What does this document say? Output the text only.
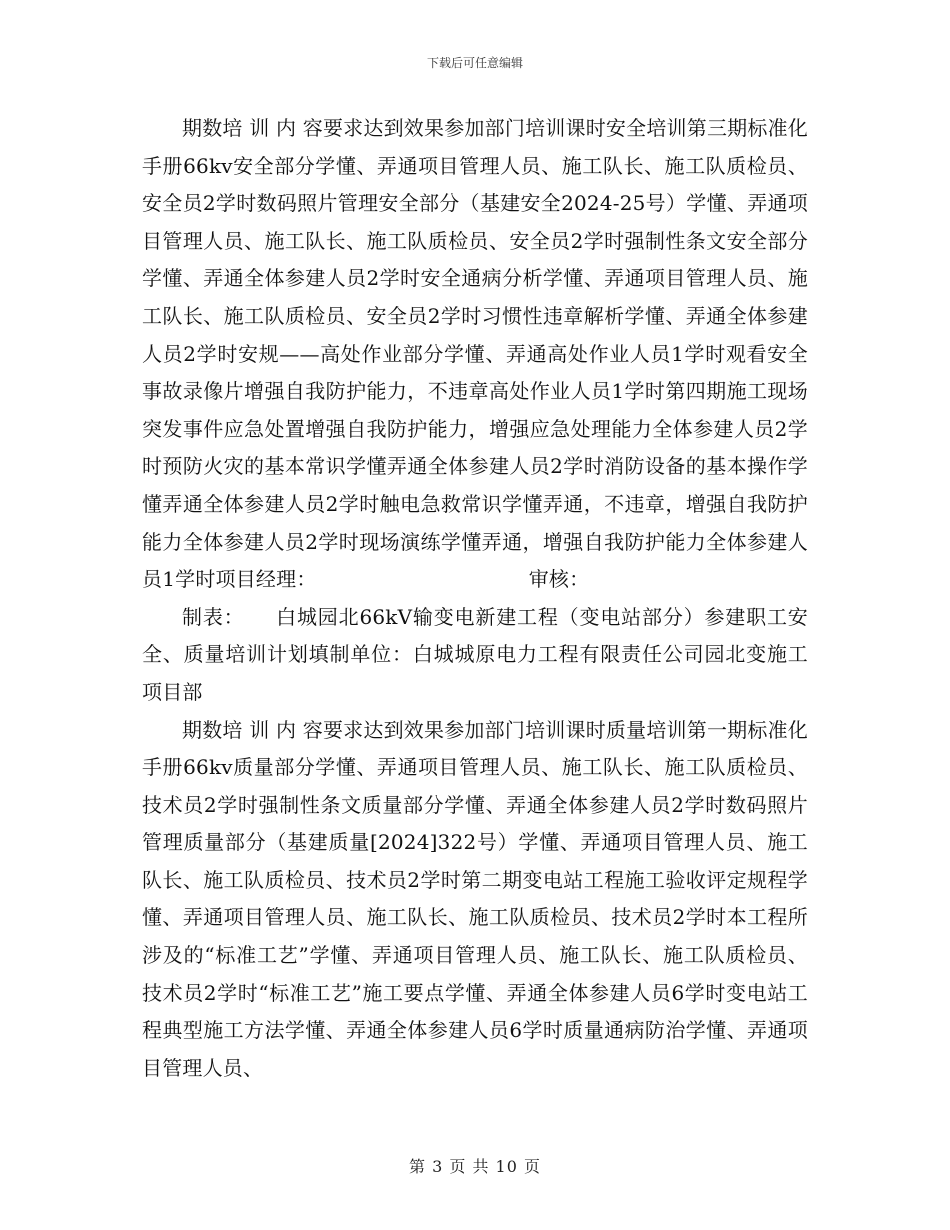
下载后可任意编辑

期数培 训 内 容要求达到效果参加部门培训课时安全培训第三期标准化手册66kv安全部分学懂、弄通项目管理人员、施工队长、施工队质检员、安全员2学时数码照片管理安全部分（基建安全2024-25号）学懂、弄通项目管理人员、施工队长、施工队质检员、安全员2学时强制性条文安全部分学懂、弄通全体参建人员2学时安全通病分析学懂、弄通项目管理人员、施工队长、施工队质检员、安全员2学时习惯性违章解析学懂、弄通全体参建人员2学时安规——高处作业部分学懂、弄通高处作业人员1学时观看安全事故录像片增强自我防护能力，不违章高处作业人员1学时第四期施工现场突发事件应急处置增强自我防护能力，增强应急处理能力全体参建人员2学时预防火灾的基本常识学懂弄通全体参建人员2学时消防设备的基本操作学懂弄通全体参建人员2学时触电急救常识学懂弄通，不违章，增强自我防护能力全体参建人员2学时现场演练学懂弄通，增强自我防护能力全体参建人员1学时项目经理：　　　　　　　　　　　审核：

制表：　　白城园北66kV输变电新建工程（变电站部分）参建职工安全、质量培训计划填制单位：白城城原电力工程有限责任公司园北变施工项目部

期数培 训 内 容要求达到效果参加部门培训课时质量培训第一期标准化手册66kv质量部分学懂、弄通项目管理人员、施工队长、施工队质检员、技术员2学时强制性条文质量部分学懂、弄通全体参建人员2学时数码照片管理质量部分（基建质量[2024]322号）学懂、弄通项目管理人员、施工队长、施工队质检员、技术员2学时第二期变电站工程施工验收评定规程学懂、弄通项目管理人员、施工队长、施工队质检员、技术员2学时本工程所涉及的“标准工艺”学懂、弄通项目管理人员、施工队长、施工队质检员、技术员2学时“标准工艺”施工要点学懂、弄通全体参建人员6学时变电站工程典型施工方法学懂、弄通全体参建人员6学时质量通病防治学懂、弄通项目管理人员、

第 3 页 共 10 页
